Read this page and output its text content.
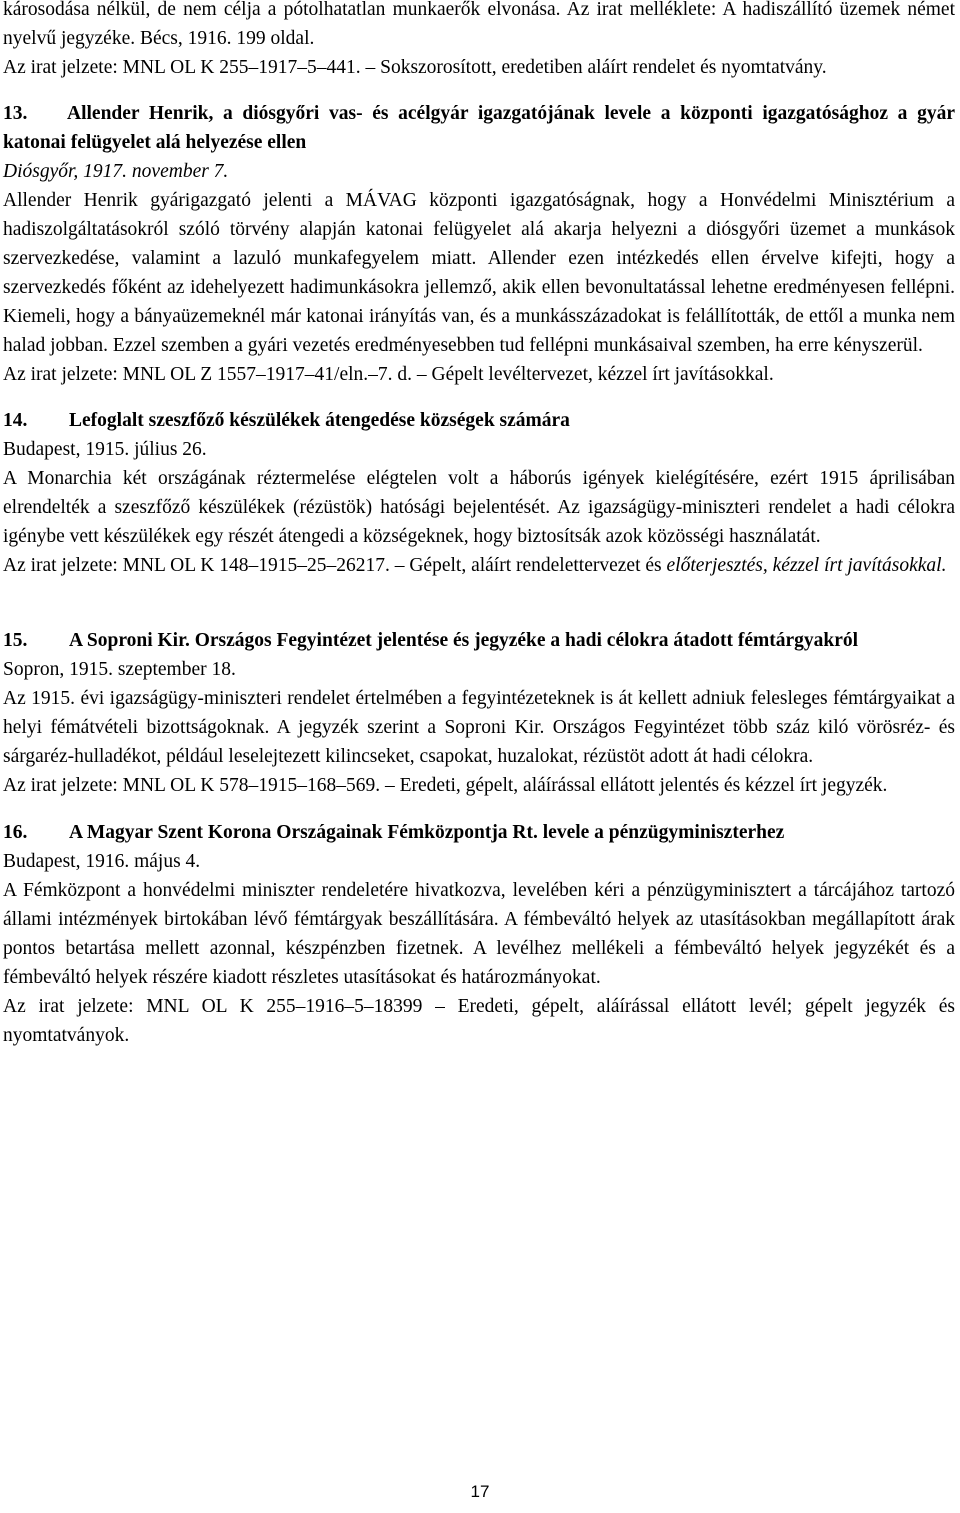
károsodása nélkül, de nem célja a pótolhatatlan munkaerők elvonása. Az irat melléklete: A hadiszállító üzemek német nyelvű jegyzéke. Bécs, 1916. 199 oldal.

Az irat jelzete: MNL OL K 255–1917–5–441. – Sokszorosított, eredetiben aláírt rendelet és nyomtatvány.

13. Allender Henrik, a diósgyőri vas- és acélgyár igazgatójának levele a központi igazgatósághoz a gyár katonai felügyelet alá helyezése ellen

Diósgyőr, 1917. november 7.

Allender Henrik gyárigazgató jelenti a MÁVAG központi igazgatóságnak, hogy a Honvédelmi Minisztérium a hadiszolgáltatásokról szóló törvény alapján katonai felügyelet alá akarja helyezni a diósgyőri üzemet a munkások szervezkedése, valamint a lazuló munkafegyelem miatt. Allender ezen intézkedés ellen érvelve kifejti, hogy a szervezkedés főként az idehelyezett hadimunkásokra jellemző, akik ellen bevonultatással lehetne eredményesen fellépni. Kiemeli, hogy a bányaüzemeknél már katonai irányítás van, és a munkásszázadokat is felállították, de ettől a munka nem halad jobban. Ezzel szemben a gyári vezetés eredményesebben tud fellépni munkásaival szemben, ha erre kényszerül.

Az irat jelzete: MNL OL Z 1557–1917–41/eln.–7. d. – Gépelt levéltervezet, kézzel írt javításokkal.

14. Lefoglalt szeszfőző készülékek átengedése községek számára

Budapest, 1915. július 26.

A Monarchia két országának réztermelése elégtelen volt a háborús igények kielégítésére, ezért 1915 áprilisában elrendelték a szeszfőző készülékek (rézüstök) hatósági bejelentését. Az igazságügy-miniszteri rendelet a hadi célokra igénybe vett készülékek egy részét átengedi a községeknek, hogy biztosítsák azok közösségi használatát.

Az irat jelzete: MNL OL K 148–1915–25–26217. – Gépelt, aláírt rendelettervezet és előterjesztés, kézzel írt javításokkal.

15. A Soproni Kir. Országos Fegyintézet jelentése és jegyzéke a hadi célokra átadott fémtárgyakról

Sopron, 1915. szeptember 18.

Az 1915. évi igazságügy-miniszteri rendelet értelmében a fegyintézeteknek is át kellett adniuk felesleges fémtárgyaikat a helyi fémátvételi bizottságoknak. A jegyzék szerint a Soproni Kir. Országos Fegyintézet több száz kiló vörösréz- és sárgaréz-hulladékot, például leselejtezett kilincseket, csapokat, huzalokat, rézüstöt adott át hadi célokra.

Az irat jelzete: MNL OL K 578–1915–168–569. – Eredeti, gépelt, aláírással ellátott jelentés és kézzel írt jegyzék.

16. A Magyar Szent Korona Országainak Fémközpontja Rt. levele a pénzügyminiszterhez

Budapest, 1916. május 4.

A Fémközpont a honvédelmi miniszter rendeletére hivatkozva, levelében kéri a pénzügyminisztert a tárcájához tartozó állami intézmények birtokában lévő fémtárgyak beszállítására. A fémbeváltó helyek az utasításokban megállapított árak pontos betartása mellett azonnal, készpénzben fizetnek. A levélhez mellékeli a fémbeváltó helyek jegyzékét és a fémbeváltó helyek részére kiadott részletes utasításokat és határozmányokat.

Az irat jelzete: MNL OL K 255–1916–5–18399 – Eredeti, gépelt, aláírással ellátott levél; gépelt jegyzék és nyomtatványok.

17
